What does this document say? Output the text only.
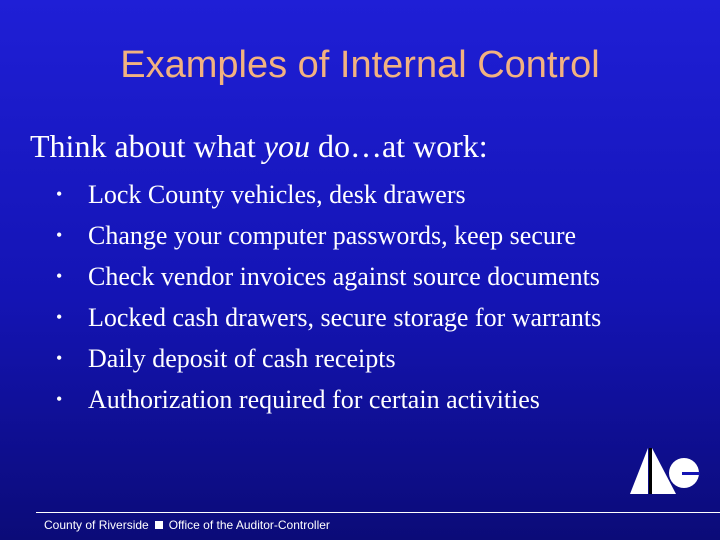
Examples of Internal Control
Think about what you do…at work:
• Lock County vehicles, desk drawers
• Change your computer passwords, keep secure
• Check vendor invoices against source documents
• Locked cash drawers, secure storage for warrants
• Daily deposit of cash receipts
• Authorization required for certain activities
County of Riverside Office of the Auditor-Controller
